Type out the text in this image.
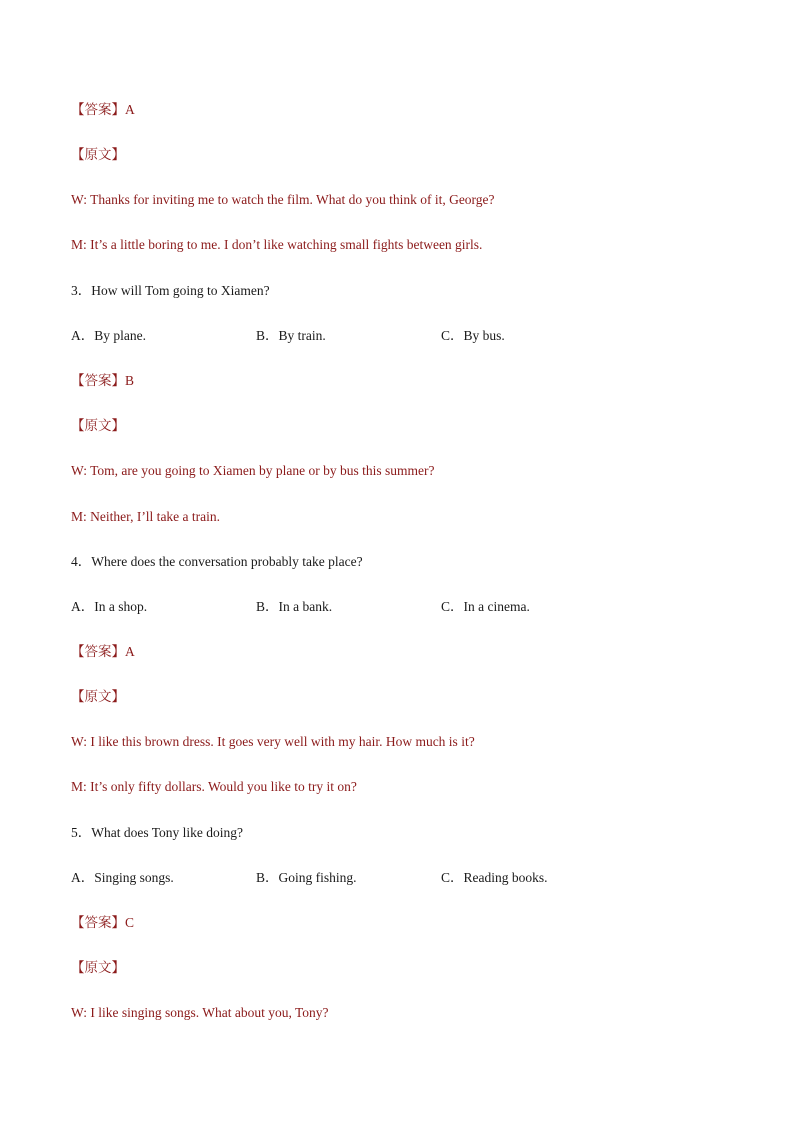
【答案】A
【原文】
W: Thanks for inviting me to watch the film. What do you think of it, George?
M: It’s a little boring to me. I don’t like watching small fights between girls.
3．How will Tom going to Xiamen?
A．By plane.	B．By train.	C．By bus.
【答案】B
【原文】
W: Tom, are you going to Xiamen by plane or by bus this summer?
M: Neither, I’ll take a train.
4．Where does the conversation probably take place?
A．In a shop.	B．In a bank.	C．In a cinema.
【答案】A
【原文】
W: I like this brown dress. It goes very well with my hair. How much is it?
M: It’s only fifty dollars. Would you like to try it on?
5．What does Tony like doing?
A．Singing songs.	B．Going fishing.	C．Reading books.
【答案】C
【原文】
W: I like singing songs. What about you, Tony?
